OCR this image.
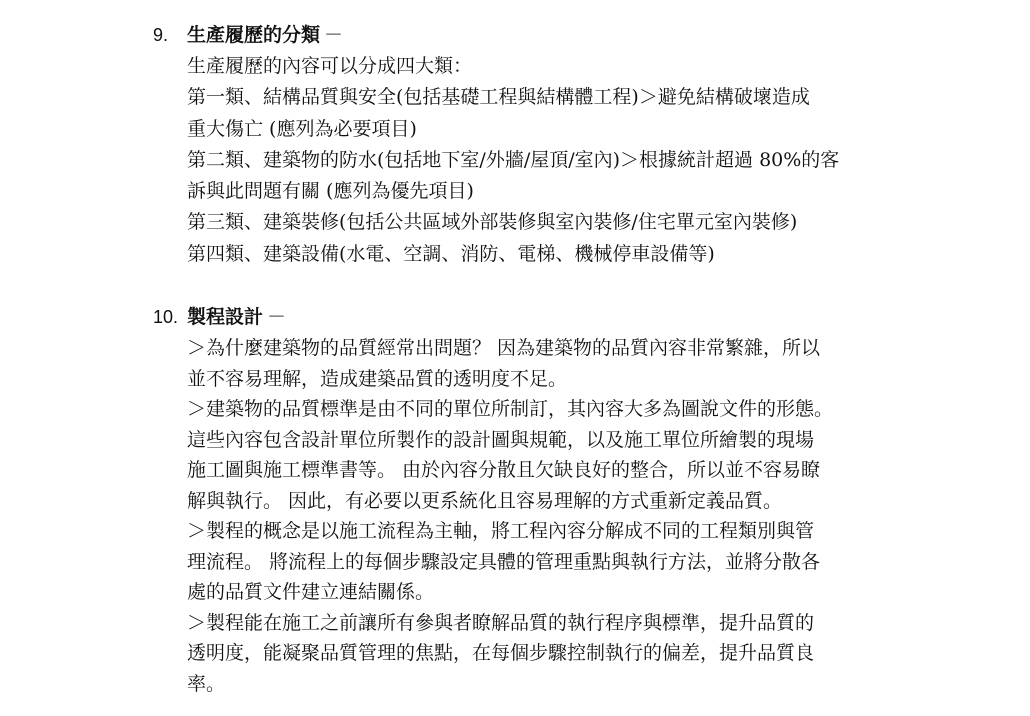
9. 生產履歷的分類 －
生產履歷的內容可以分成四大類：
第一類、結構品質與安全(包括基礎工程與結構體工程)＞避免結構破壞造成
重大傷亡 (應列為必要項目)
第二類、建築物的防水(包括地下室/外牆/屋頂/室內)＞根據統計超過 80%的客
訴與此問題有關 (應列為優先項目)
第三類、建築裝修(包括公共區域外部裝修與室內裝修/住宅單元室內裝修)
第四類、建築設備(水電、空調、消防、電梯、機械停車設備等)
10. 製程設計 －
＞為什麼建築物的品質經常出問題？ 因為建築物的品質內容非常繁雜，所以
並不容易理解，造成建築品質的透明度不足。
＞建築物的品質標準是由不同的單位所制訂，其內容大多為圖說文件的形態。
這些內容包含設計單位所製作的設計圖與規範，以及施工單位所繪製的現場
施工圖與施工標準書等。 由於內容分散且欠缺良好的整合，所以並不容易瞭
解與執行。 因此，有必要以更系統化且容易理解的方式重新定義品質。
＞製程的概念是以施工流程為主軸，將工程內容分解成不同的工程類別與管
理流程。 將流程上的每個步驟設定具體的管理重點與執行方法，並將分散各
處的品質文件建立連結關係。
＞製程能在施工之前讓所有參與者瞭解品質的執行程序與標準，提升品質的
透明度，能凝聚品質管理的焦點，在每個步驟控制執行的偏差，提升品質良
率。
